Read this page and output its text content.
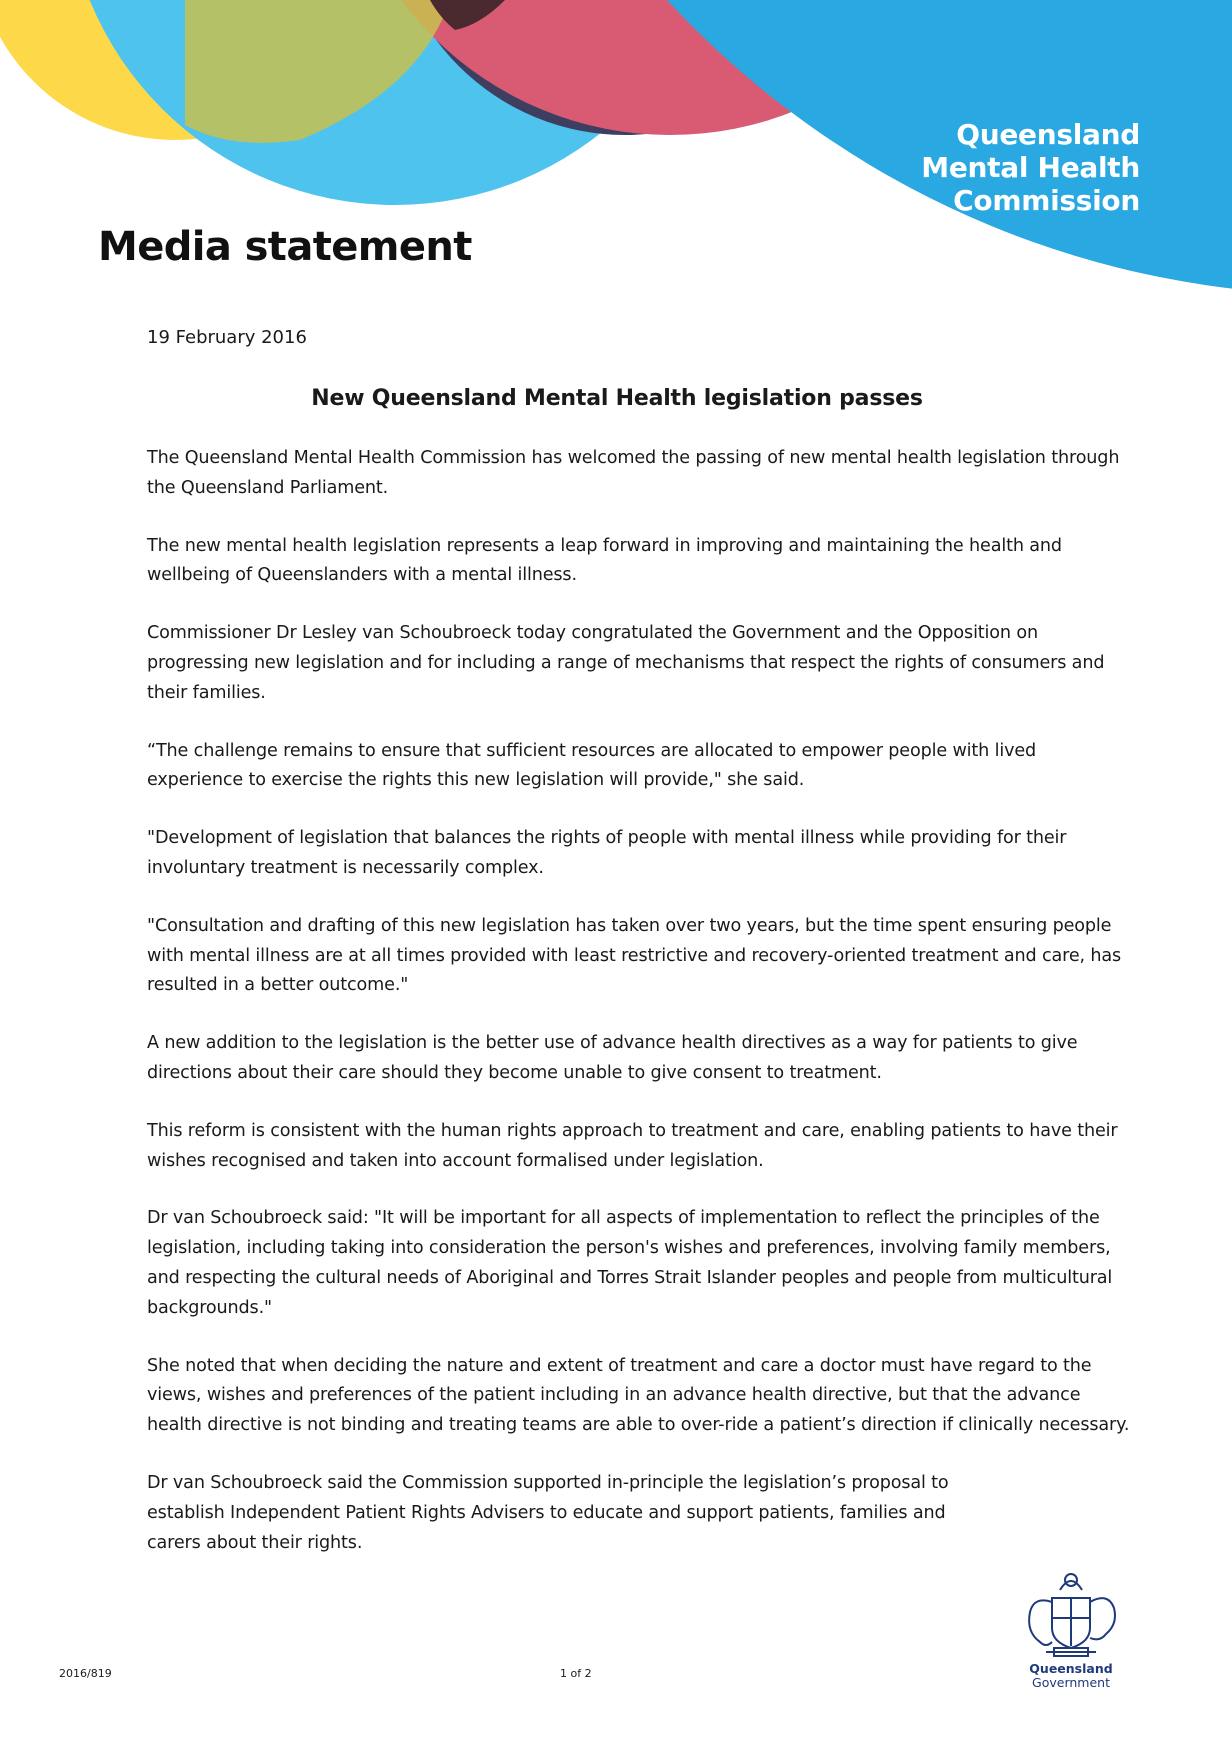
Queensland
Mental Health
Commission
Media statement
19 February 2016
New Queensland Mental Health legislation passes

The Queensland Mental Health Commission has welcomed the passing of new mental health legislation through the Queensland Parliament.

The new mental health legislation represents a leap forward in improving and maintaining the health and wellbeing of Queenslanders with a mental illness.

Commissioner Dr Lesley van Schoubroeck today congratulated the Government and the Opposition on progressing new legislation and for including a range of mechanisms that respect the rights of consumers and their families.

“The challenge remains to ensure that sufficient resources are allocated to empower people with lived experience to exercise the rights this new legislation will provide," she said.

"Development of legislation that balances the rights of people with mental illness while providing for their involuntary treatment is necessarily complex.

"Consultation and drafting of this new legislation has taken over two years, but the time spent ensuring people with mental illness are at all times provided with least restrictive and recovery-oriented treatment and care, has resulted in a better outcome."

A new addition to the legislation is the better use of advance health directives as a way for patients to give directions about their care should they become unable to give consent to treatment.

This reform is consistent with the human rights approach to treatment and care, enabling patients to have their wishes recognised and taken into account formalised under legislation.

Dr van Schoubroeck said: "It will be important for all aspects of implementation to reflect the principles of the legislation, including taking into consideration the person's wishes and preferences, involving family members, and respecting the cultural needs of Aboriginal and Torres Strait Islander peoples and people from multicultural backgrounds."

She noted that when deciding the nature and extent of treatment and care a doctor must have regard to the views, wishes and preferences of the patient including in an advance health directive, but that the advance health directive is not binding and treating teams are able to over-ride a patient’s direction if clinically necessary.

Dr van Schoubroeck said the Commission supported in-principle the legislation’s proposal to establish Independent Patient Rights Advisers to educate and support patients, families and carers about their rights.

2016/819	1 of 2	Queensland
Government
